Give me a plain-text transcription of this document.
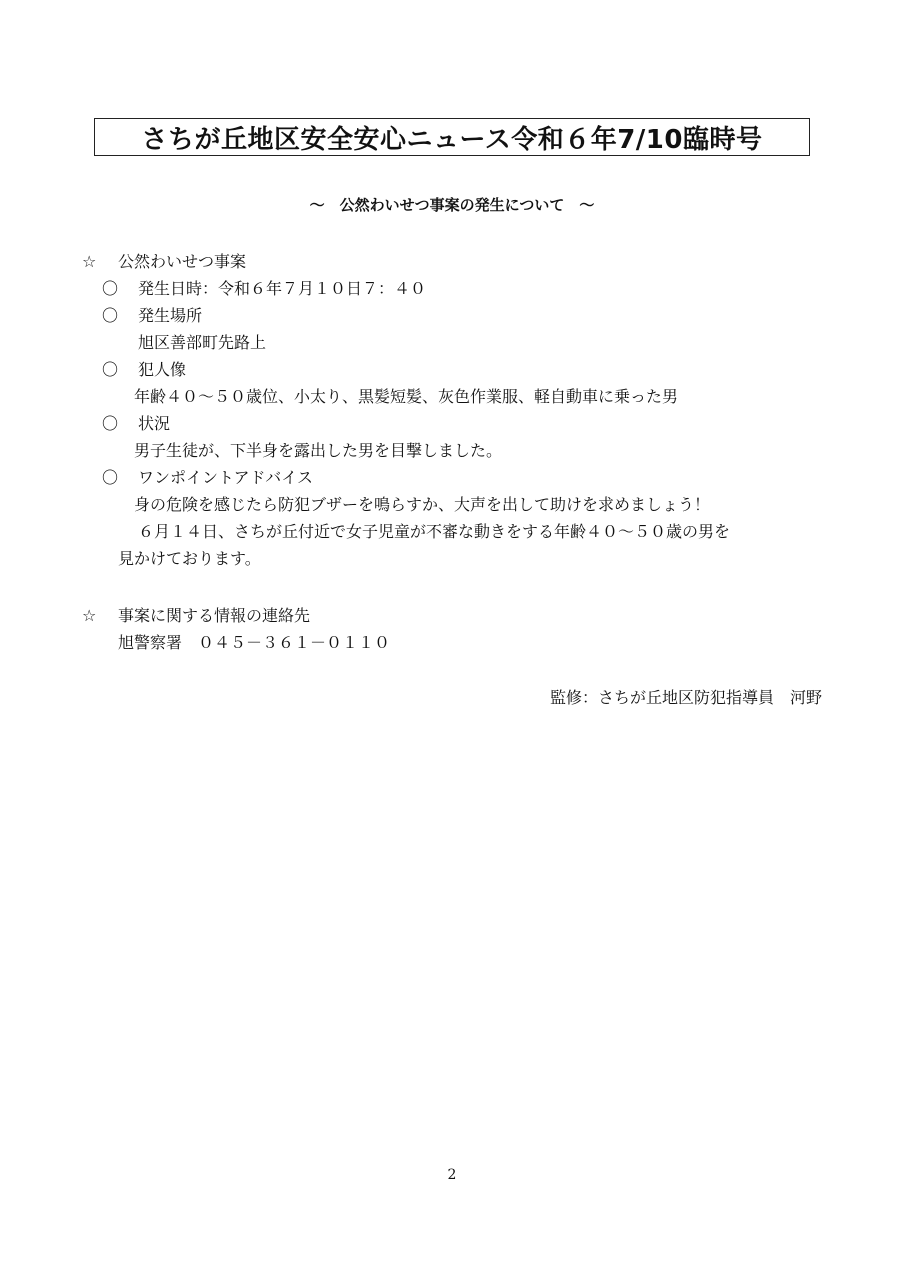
さちが丘地区安全安心ニュース令和６年7/10臨時号
～　公然わいせつ事案の発生について　～
☆ 公然わいせつ事案
〇 発生日時：令和６年７月１０日７：４０
〇 発生場所
旭区善部町先路上
〇 犯人像
年齢４０～５０歳位、小太り、黒髪短髪、灰色作業服、軽自動車に乗った男
〇 状況
男子生徒が、下半身を露出した男を目撃しました。
〇 ワンポイントアドバイス
身の危険を感じたら防犯ブザーを鳴らすか、大声を出して助けを求めましょう！
６月１４日、さちが丘付近で女子児童が不審な動きをする年齢４０～５０歳の男を
見かけております。
☆ 事案に関する情報の連絡先
旭警察署　０４５－３６１－０１１０
監修：さちが丘地区防犯指導員　河野
2
